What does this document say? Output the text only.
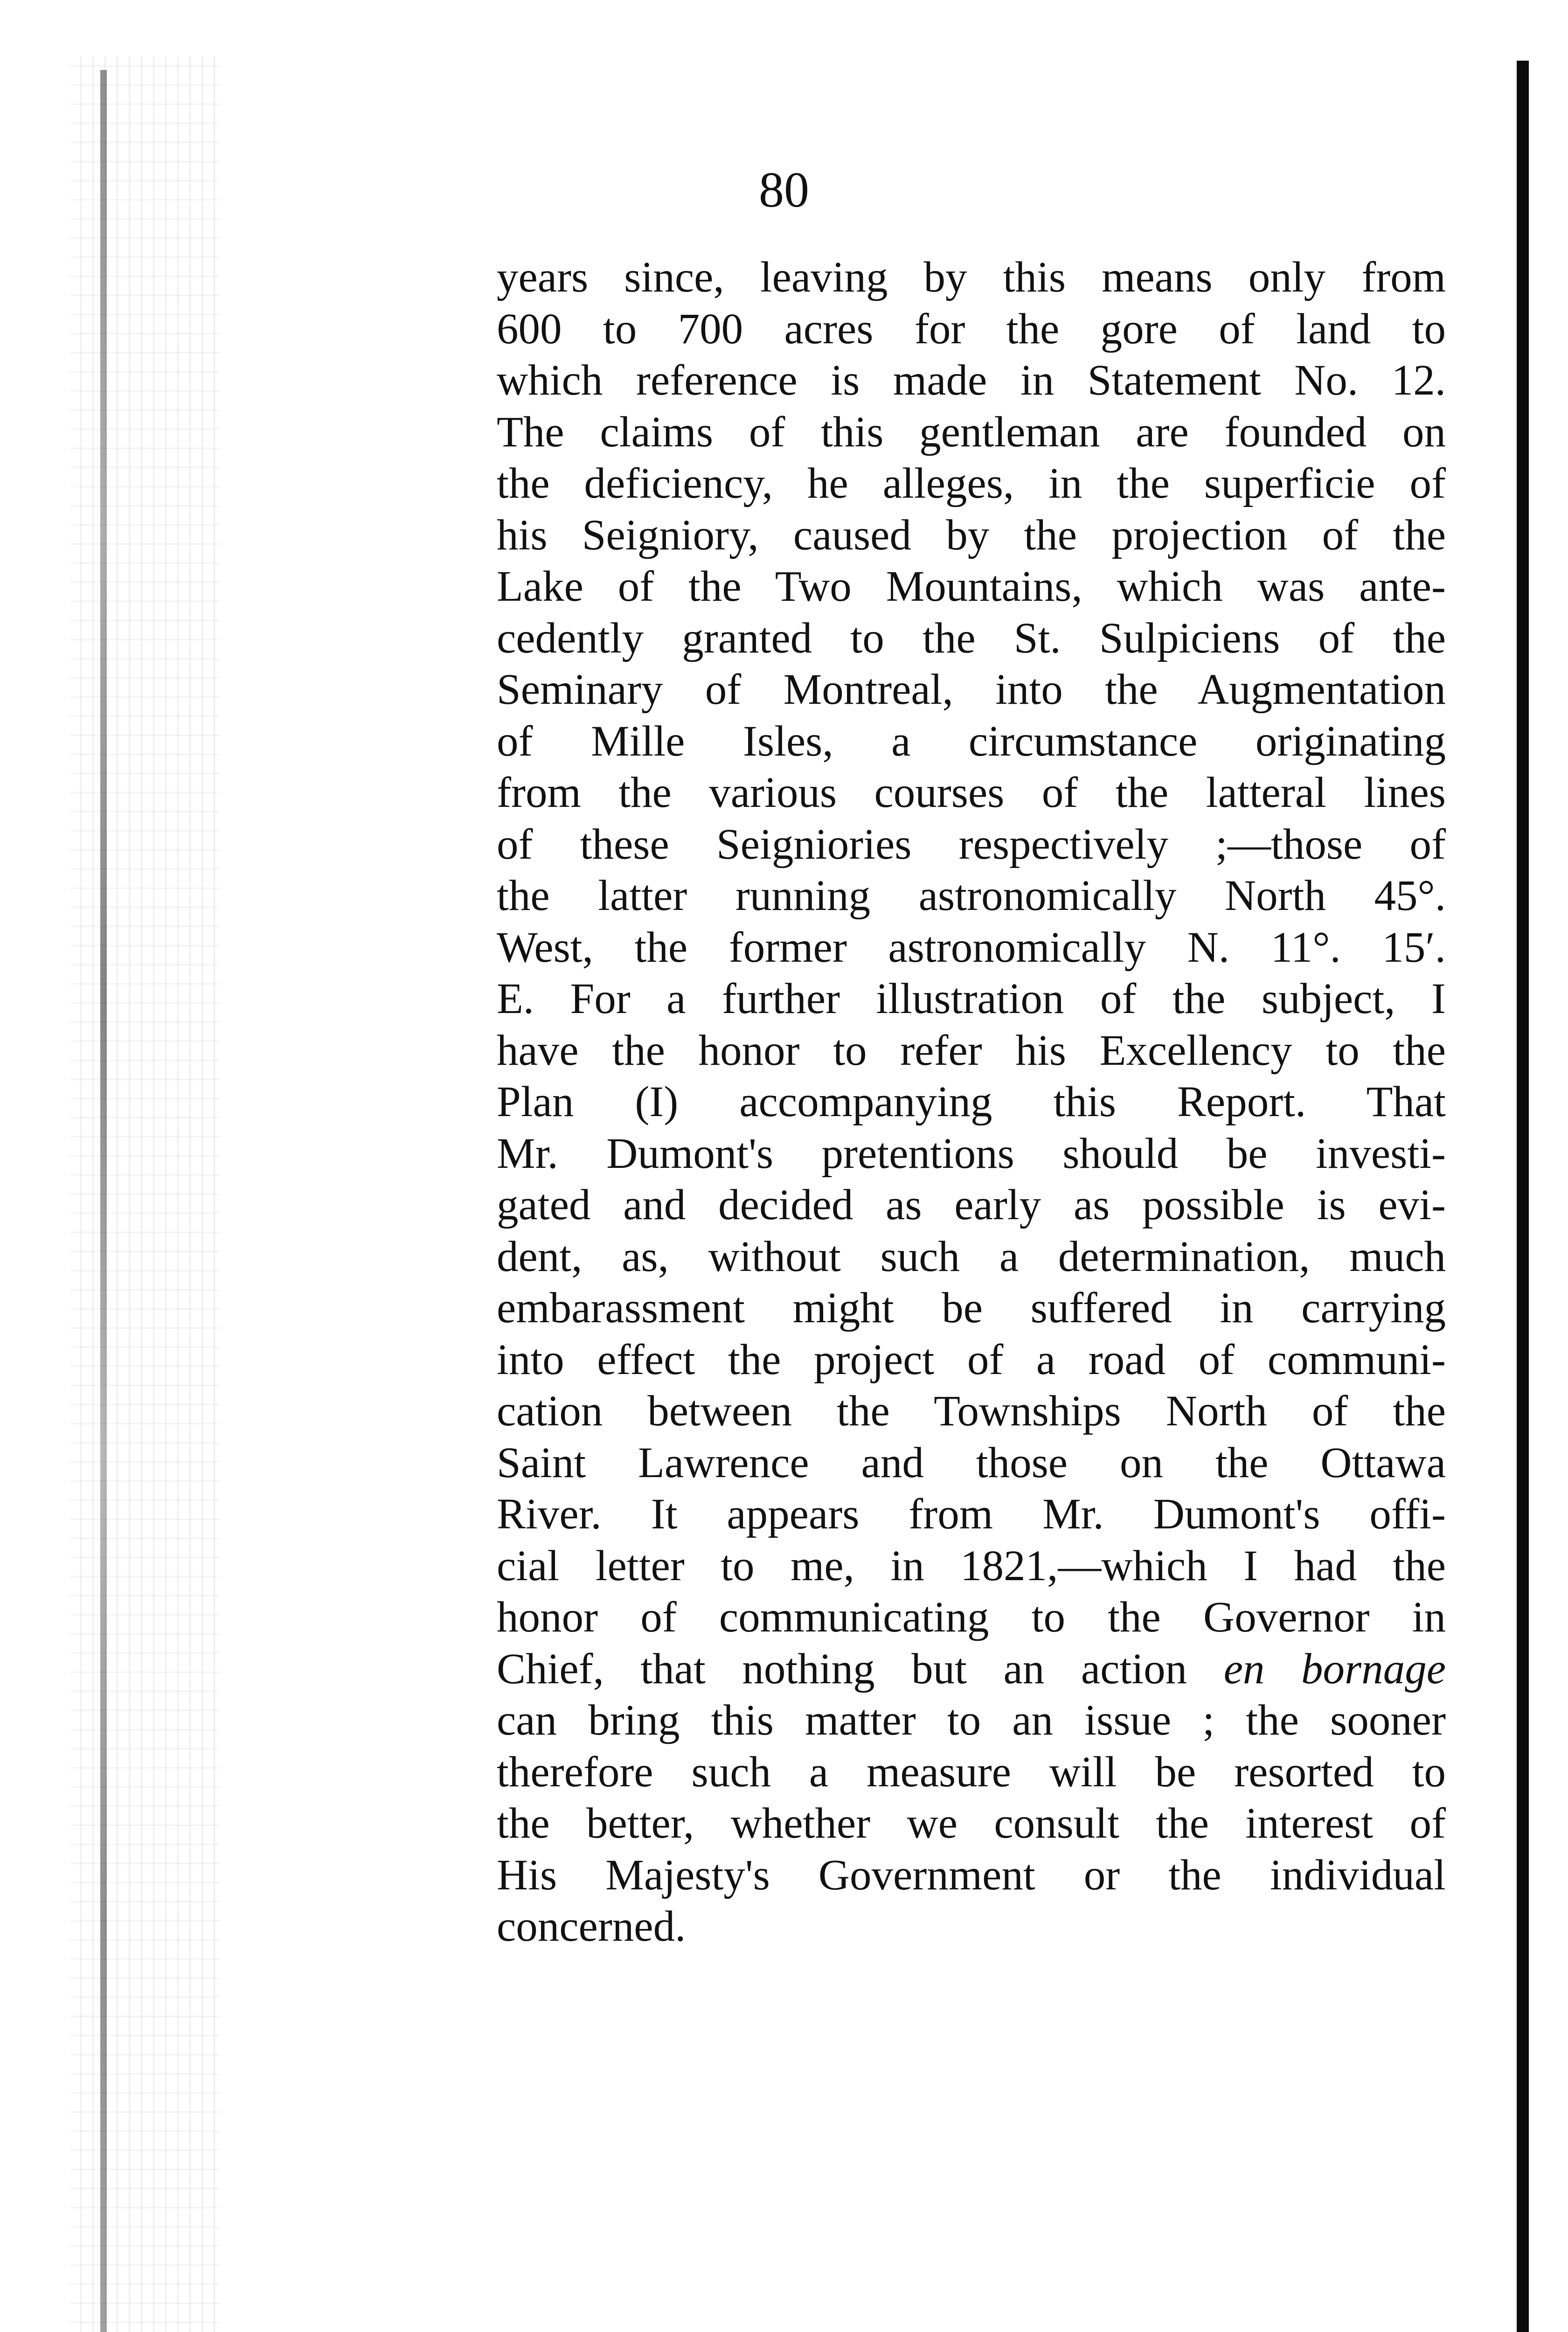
80
years since, leaving by this means only from
600 to 700 acres for the gore of land to
which reference is made in Statement No. 12.
The claims of this gentleman are founded on
the deficiency, he alleges, in the superficie of
his Seigniory, caused by the projection of the
Lake of the Two Mountains, which was ante-
cedently granted to the St. Sulpiciens of the
Seminary of Montreal, into the Augmentation
of Mille Isles, a circumstance originating
from the various courses of the latteral lines
of these Seigniories respectively ;—those of
the latter running astronomically North 45°.
West, the former astronomically N. 11°. 15′.
E. For a further illustration of the subject, I
have the honor to refer his Excellency to the
Plan (I) accompanying this Report. That
Mr. Dumont's pretentions should be investi-
gated and decided as early as possible is evi-
dent, as, without such a determination, much
embarassment might be suffered in carrying
into effect the project of a road of communi-
cation between the Townships North of the
Saint Lawrence and those on the Ottawa
River. It appears from Mr. Dumont's offi-
cial letter to me, in 1821,—which I had the
honor of communicating to the Governor in
Chief, that nothing but an action en bornage
can bring this matter to an issue ; the sooner
therefore such a measure will be resorted to
the better, whether we consult the interest of
His Majesty's Government or the individual
concerned.
